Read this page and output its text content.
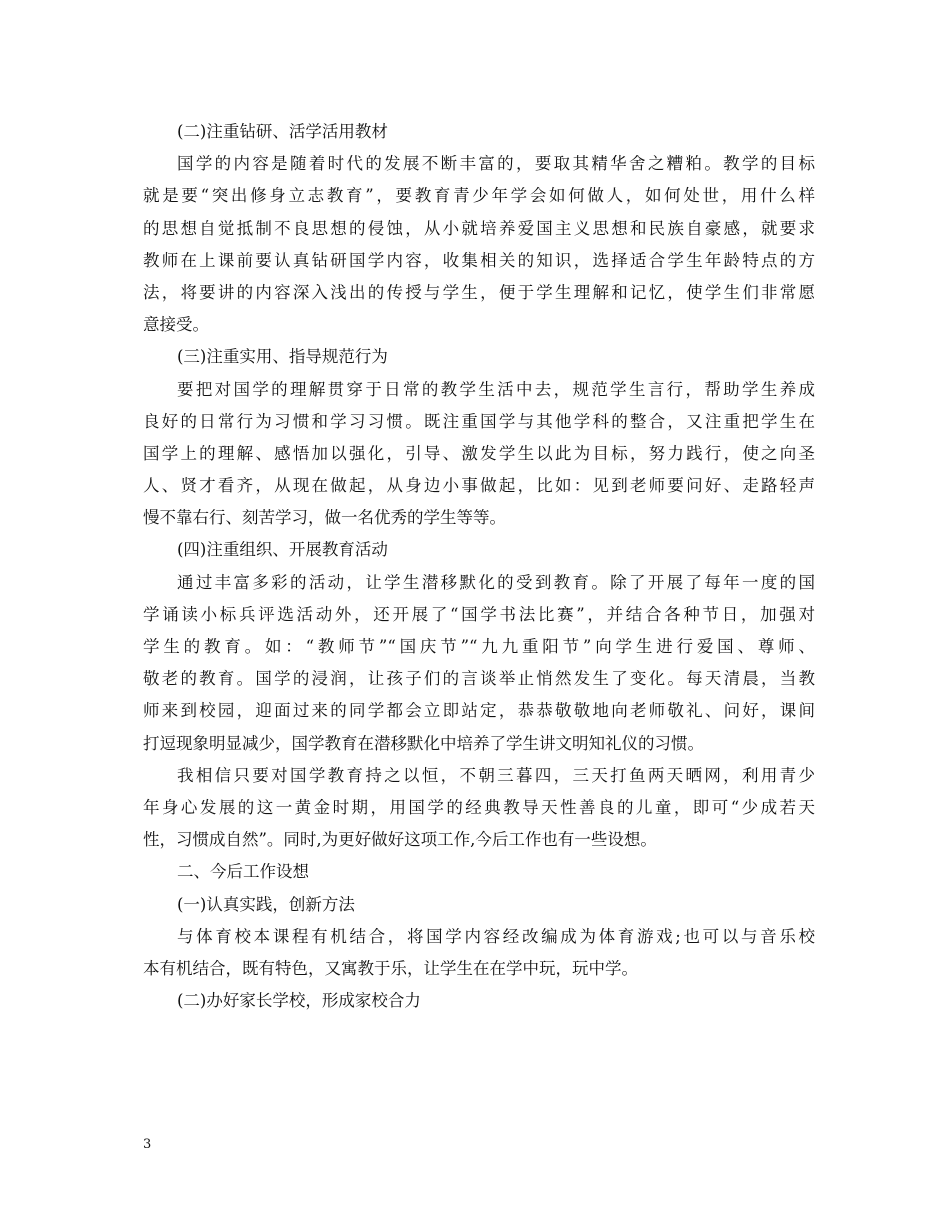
(二)注重钻研、活学活用教材
国学的内容是随着时代的发展不断丰富的，要取其精华舍之糟粕。教学的目标
就是要“突出修身立志教育”，要教育青少年学会如何做人，如何处世，用什么样
的思想自觉抵制不良思想的侵蚀，从小就培养爱国主义思想和民族自豪感，就要求
教师在上课前要认真钻研国学内容，收集相关的知识，选择适合学生年龄特点的方
法，将要讲的内容深入浅出的传授与学生，便于学生理解和记忆，使学生们非常愿
意接受。
(三)注重实用、指导规范行为
要把对国学的理解贯穿于日常的教学生活中去，规范学生言行，帮助学生养成
良好的日常行为习惯和学习习惯。既注重国学与其他学科的整合，又注重把学生在
国学上的理解、感悟加以强化，引导、激发学生以此为目标，努力践行，使之向圣
人、贤才看齐，从现在做起，从身边小事做起，比如：见到老师要问好、走路轻声
慢不靠右行、刻苦学习，做一名优秀的学生等等。
(四)注重组织、开展教育活动
通过丰富多彩的活动，让学生潜移默化的受到教育。除了开展了每年一度的国
学诵读小标兵评选活动外，还开展了“国学书法比赛”，并结合各种节日，加强对
学生的教育。如：“教师节”“国庆节”“九九重阳节”向学生进行爱国、尊师、
敬老的教育。国学的浸润，让孩子们的言谈举止悄然发生了变化。每天清晨，当教
师来到校园，迎面过来的同学都会立即站定，恭恭敬敬地向老师敬礼、问好，课间
打逗现象明显减少，国学教育在潜移默化中培养了学生讲文明知礼仪的习惯。
我相信只要对国学教育持之以恒，不朝三暮四，三天打鱼两天晒网，利用青少
年身心发展的这一黄金时期，用国学的经典教导天性善良的儿童，即可“少成若天
性，习惯成自然”。同时,为更好做好这项工作,今后工作也有一些设想。
二、今后工作设想
(一)认真实践，创新方法
与体育校本课程有机结合，将国学内容经改编成为体育游戏;也可以与音乐校
本有机结合，既有特色，又寓教于乐，让学生在在学中玩，玩中学。
(二)办好家长学校，形成家校合力
3
